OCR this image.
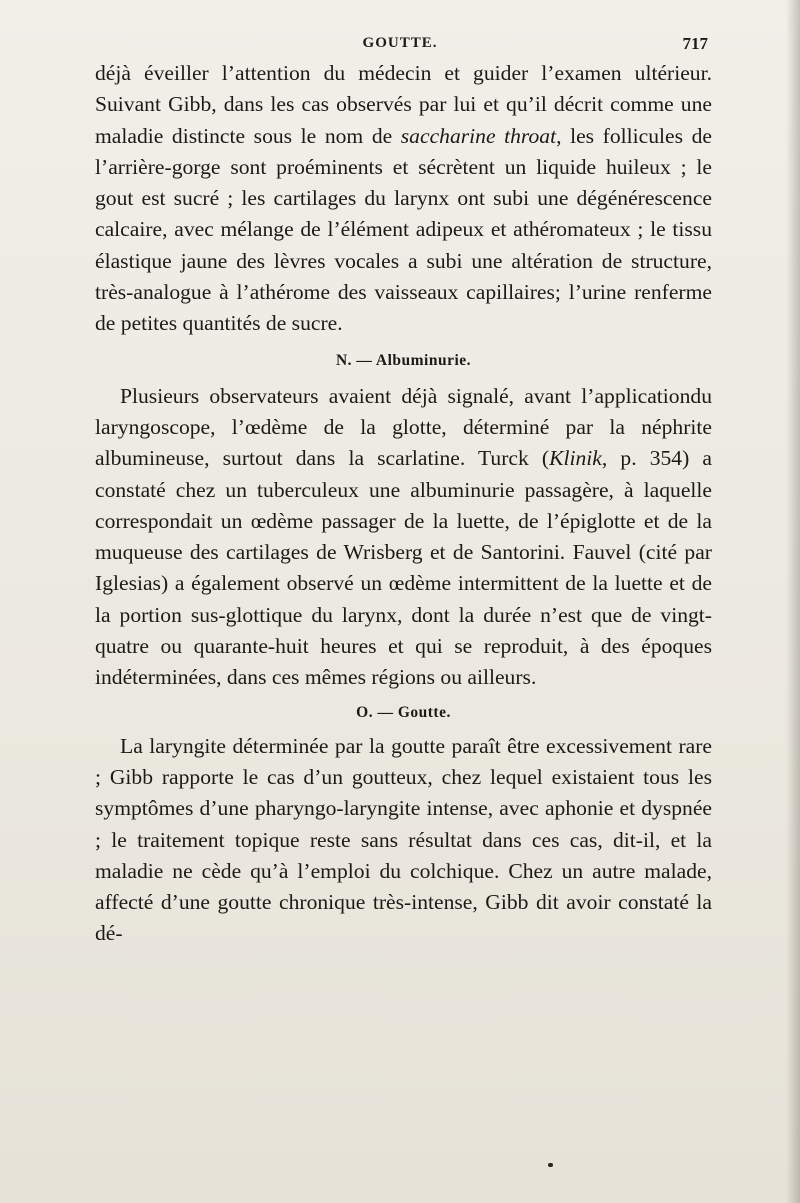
GOUTTE.	717

déjà éveiller l’attention du médecin et guider l’examen ultérieur. Suivant Gibb, dans les cas observés par lui et qu’il décrit comme une maladie distincte sous le nom de saccharine throat, les follicules de l’arrière-gorge sont proéminents et sécrètent un liquide huileux ; le gout est sucré ; les cartilages du larynx ont subi une dégénérescence calcaire, avec mélange de l’élément adipeux et athéromateux ; le tissu élastique jaune des lèvres vocales a subi une altération de structure, très-analogue à l’athérome des vaisseaux capillaires; l’urine renferme de petites quantités de sucre.

N. — Albuminurie.

Plusieurs observateurs avaient déjà signalé, avant l’applicationdu laryngoscope, l’œdème de la glotte, déterminé par la néphrite albumineuse, surtout dans la scarlatine. Turck (Klinik, p. 354) a constaté chez un tuberculeux une albuminurie passagère, à laquelle correspondait un œdème passager de la luette, de l’épiglotte et de la muqueuse des cartilages de Wrisberg et de Santorini. Fauvel (cité par Iglesias) a également observé un œdème intermittent de la luette et de la portion sus-glottique du larynx, dont la durée n’est que de vingt-quatre ou quarante-huit heures et qui se reproduit, à des époques indéterminées, dans ces mêmes régions ou ailleurs.

O. — Goutte.

La laryngite déterminée par la goutte paraît être excessivement rare ; Gibb rapporte le cas d’un goutteux, chez lequel existaient tous les symptômes d’une pharyngo-laryngite intense, avec aphonie et dyspnée ; le traitement topique reste sans résultat dans ces cas, dit-il, et la maladie ne cède qu’à l’emploi du colchique. Chez un autre malade, affecté d’une goutte chronique très-intense, Gibb dit avoir constaté la dé-
